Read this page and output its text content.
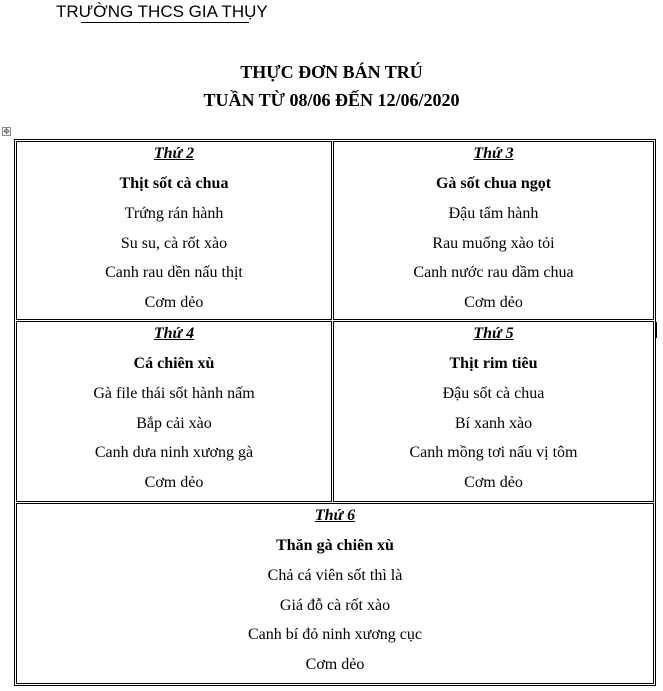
TRƯỜNG THCS GIA THỤY
THỰC ĐƠN BÁN TRÚ
TUẦN TỪ 08/06 ĐẾN 12/06/2020
✥
Thứ 2
Thịt sốt cà chua
Trứng rán hành
Su su, cà rốt xào
Canh rau dền nấu thịt
Cơm dẻo
Thứ 3
Gà sốt chua ngọt
Đậu tẩm hành
Rau muống xào tỏi
Canh nước rau dầm chua
Cơm dẻo
Thứ 4
Cá chiên xù
Gà file thái sốt hành nấm
Bắp cải xào
Canh dưa ninh xương gà
Cơm dẻo
Thứ 5
Thịt rim tiêu
Đậu sốt cà chua
Bí xanh xào
Canh mồng tơi nấu vị tôm
Cơm dẻo
Thứ 6
Thăn gà chiên xù
Chả cá viên sốt thì là
Giá đỗ cà rốt xào
Canh bí đỏ ninh xương cục
Cơm dẻo
